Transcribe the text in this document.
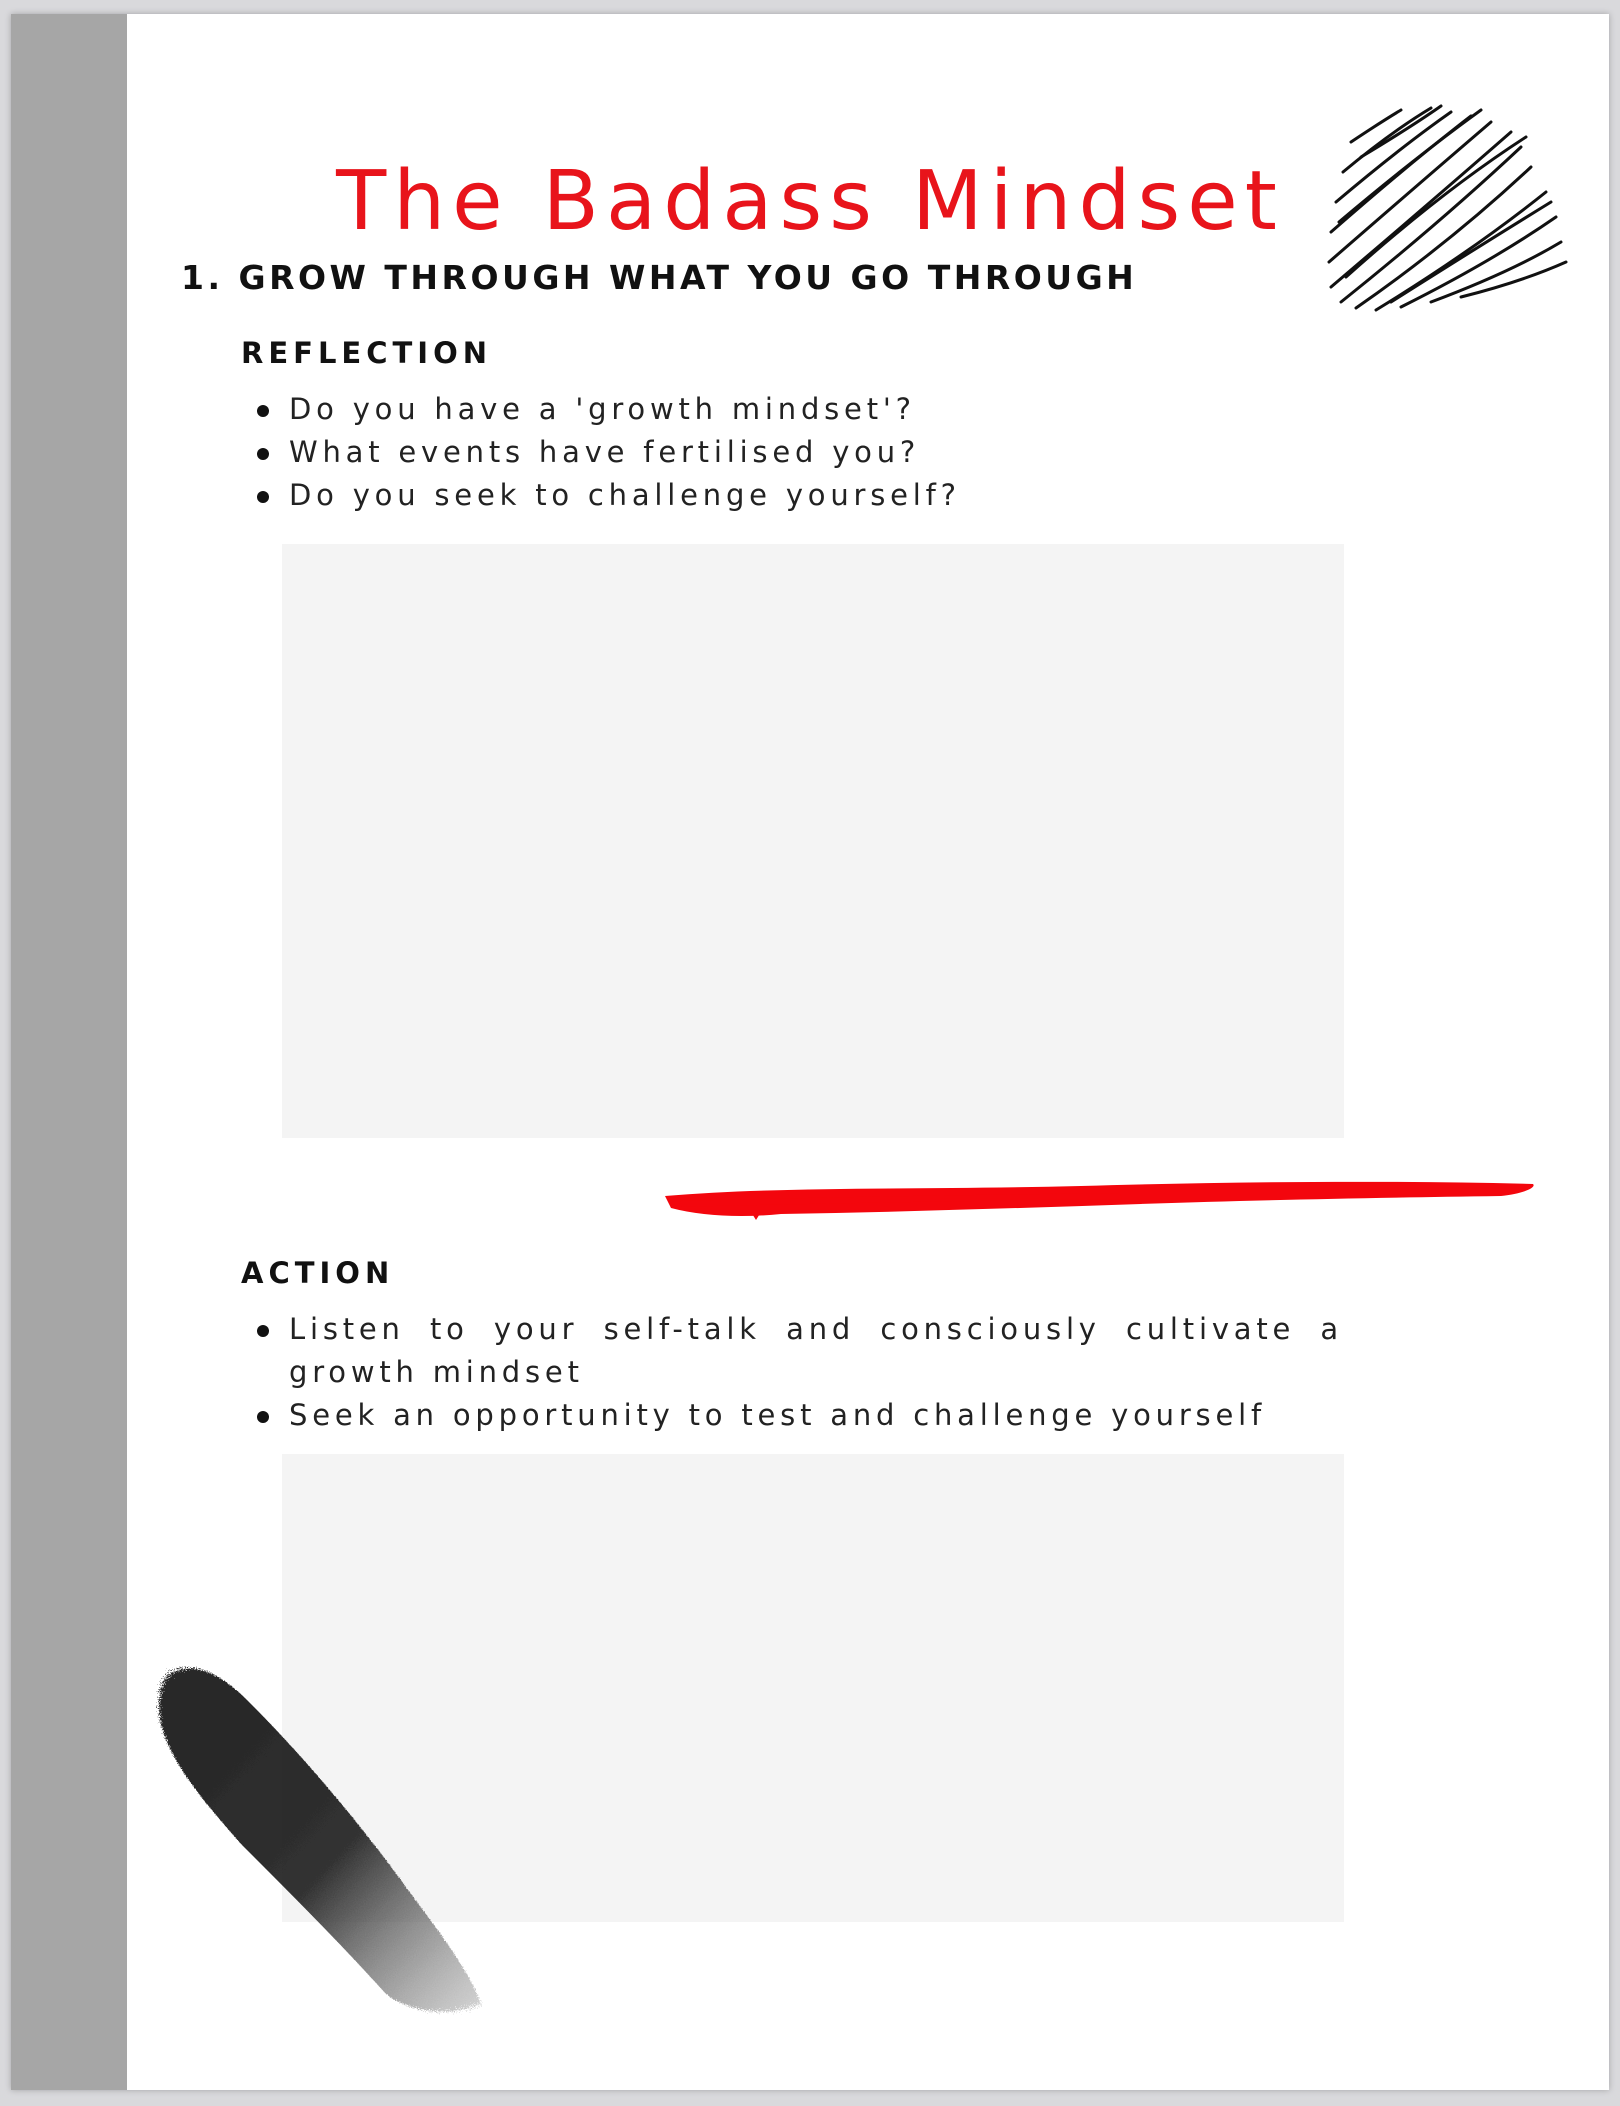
The Badass Mindset
1. GROW THROUGH WHAT YOU GO THROUGH
REFLECTION
Do you have a 'growth mindset'?
What events have fertilised you?
Do you seek to challenge yourself?
ACTION
Listen to your self-talk and consciously cultivate a growth mindset
Seek an opportunity to test and challenge yourself
